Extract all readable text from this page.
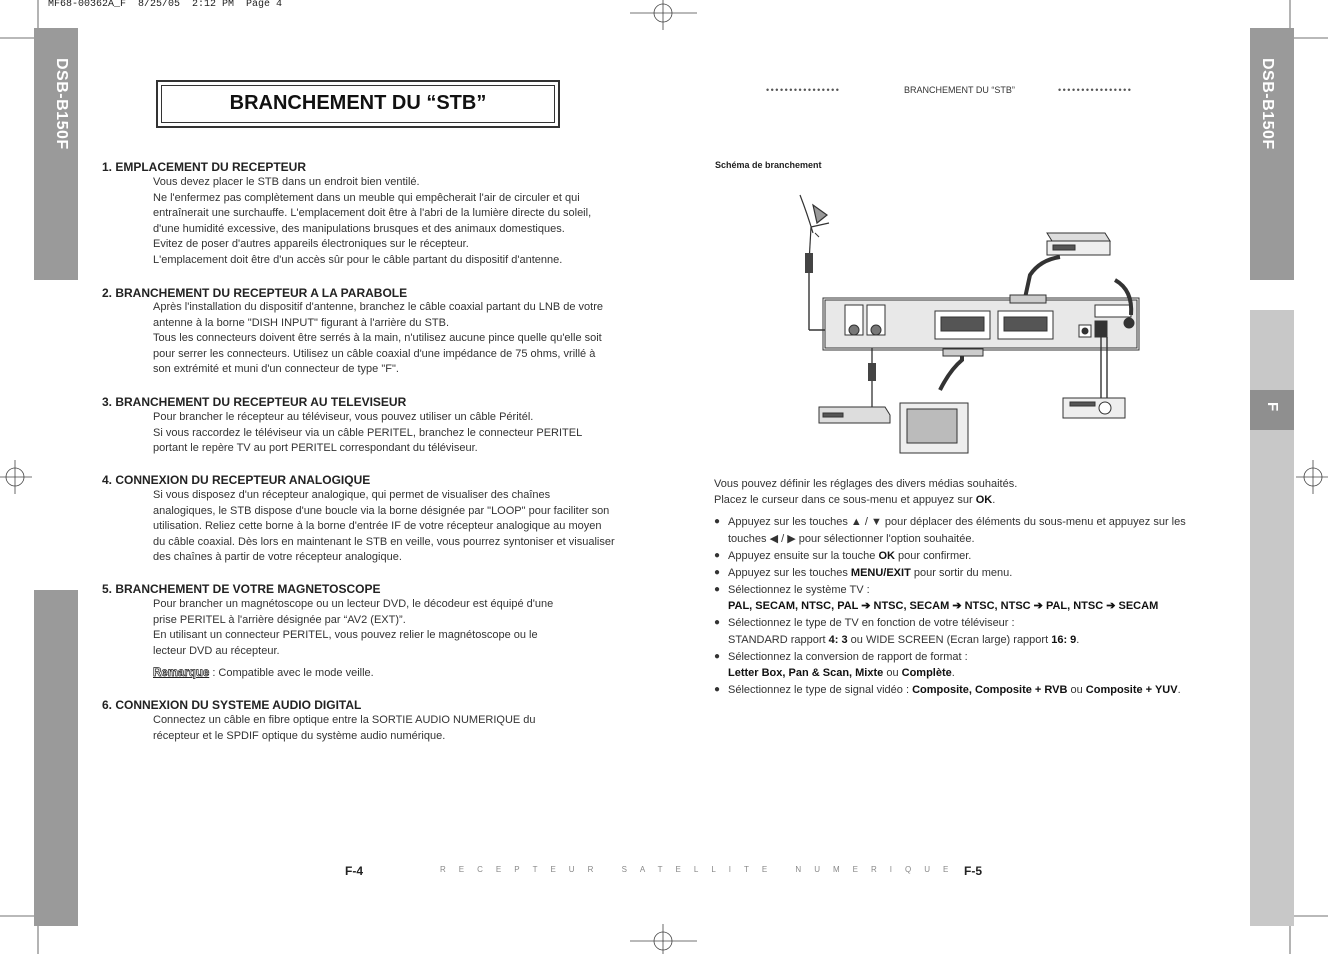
MF68-00362A_F  8/25/05  2:12 PM  Page 4
DSB-B150F	DSB-B150F
F
BRANCHEMENT DU “STB”
1. EMPLACEMENT DU RECEPTEUR
Vous devez placer le STB dans un endroit bien ventilé.
Ne l'enfermez pas complètement dans un meuble qui empêcherait l'air de circuler et qui
entraînerait une surchauffe. L'emplacement doit être à l'abri de la lumière directe du soleil,
d'une humidité excessive, des manipulations brusques et des animaux domestiques.
Evitez de poser d'autres appareils électroniques sur le récepteur.
L'emplacement doit être d'un accès sûr pour le câble partant du dispositif d'antenne.
2. BRANCHEMENT DU RECEPTEUR A LA PARABOLE
Après l'installation du dispositif d'antenne, branchez le câble coaxial partant du LNB de votre
antenne à la borne "DISH INPUT" figurant à l'arrière du STB.
Tous les connecteurs doivent être serrés à la main, n'utilisez aucune pince quelle qu'elle soit
pour serrer les connecteurs. Utilisez un câble coaxial d'une impédance de 75 ohms, vrillé à
son extrémité et muni d'un connecteur de type "F".
3. BRANCHEMENT DU RECEPTEUR AU TELEVISEUR
Pour brancher le récepteur au téléviseur, vous pouvez utiliser un câble Péritél.
Si vous raccordez le téléviseur via un câble PERITEL, branchez le connecteur PERITEL
portant le repère TV au port PERITEL correspondant du téléviseur.
4. CONNEXION DU RECEPTEUR ANALOGIQUE
Si vous disposez d'un récepteur analogique, qui permet de visualiser des chaînes
analogiques, le STB dispose d'une boucle via la borne désignée par "LOOP" pour faciliter son
utilisation. Reliez cette borne à la borne d'entrée IF de votre récepteur analogique au moyen
du câble coaxial. Dès lors en maintenant le STB en veille, vous pourrez syntoniser et visualiser
des chaînes à partir de votre récepteur analogique.
5. BRANCHEMENT DE VOTRE MAGNETOSCOPE
Pour brancher un magnétoscope ou un lecteur DVD, le décodeur est équipé d'une
prise PERITEL à l'arrière désignée par “AV2 (EXT)”.
En utilisant un connecteur PERITEL, vous pouvez relier le magnétoscope ou le
lecteur DVD au récepteur.
Remarque : Compatible avec le mode veille.
6. CONNEXION DU SYSTEME AUDIO DIGITAL
Connectez un câble en fibre optique entre la SORTIE AUDIO NUMERIQUE du
récepteur et le SPDIF optique du système audio numérique.
••••••••••••••••	BRANCHEMENT DU “STB”	••••••••••••••••
Schéma de branchement
Vous pouvez définir les réglages des divers médias souhaités.
Placez le curseur dans ce sous-menu et appuyez sur OK.
● Appuyez sur les touches ▲ / ▼ pour déplacer des éléments du sous-menu et appuyez sur les
touches ◀ / ▶ pour sélectionner l'option souhaitée.
● Appuyez ensuite sur la touche OK pour confirmer.
● Appuyez sur les touches MENU/EXIT pour sortir du menu.
● Sélectionnez le système TV :
PAL, SECAM, NTSC, PAL ➔ NTSC, SECAM ➔ NTSC, NTSC ➔ PAL, NTSC ➔ SECAM
● Sélectionnez le type de TV en fonction de votre téléviseur :
STANDARD rapport 4: 3 ou WIDE SCREEN (Ecran large) rapport 16: 9.
● Sélectionnez la conversion de rapport de format :
Letter Box, Pan & Scan, Mixte ou Complète.
● Sélectionnez le type de signal vidéo : Composite, Composite + RVB ou Composite + YUV.
F-4	RECEPTEUR SATELLITE NUMERIQUE F-5
